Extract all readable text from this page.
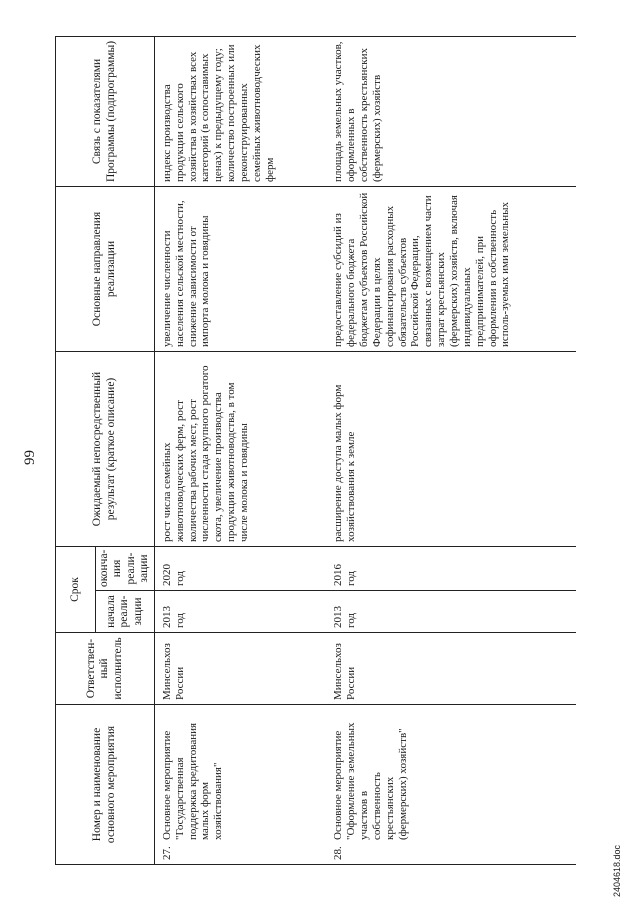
99
Номер и наименование основного мероприятия	Ответствен-ный исполнитель	Срок		Ожидаемый непосредственный результат (краткое описание)	Основные направления реализации	Связь с показателями Программы (подпрограммы)
		начала реали-зации	оконча-ния реали-зации			
27.Основное мероприятие "Государственная поддержка кредитования малых форм хозяйствования"	Минсельхоз России	2013 год	2020 год	рост числа семейных животноводческих ферм, рост количества рабочих мест, рост численности стада крупного рогатого скота, увеличение производства продукции животноводства, в том числе молока и говядины	увеличение численности населения сельской местности, снижение зависимости от импорта молока и говядины	индекс производства продукции сельского хозяйства в хозяйствах всех категорий (в сопоставимых ценах) к предыдущему году; количество построенных или реконструированных семейных животноводческих ферм
28.Основное мероприятие "Оформление земельных участков в собственность крестьянских (фермерских) хозяйств"	Минсельхоз России	2013 год	2016 год	расширение доступа малых форм хозяйствования к земле	предоставление субсидий из федерального бюджета бюджетам субъектов Российской Федерации в целях софинансирования расходных обязательств субъектов Российской Федерации, связанных с возмещением части затрат крестьянских (фермерских) хозяйств, включая индивидуальных предпринимателей, при оформлении в собственность исполь-зуемых ими земельных	площадь земельных участков, оформленных в собственность крестьянских (фермерских) хозяйств
2404618.doc
